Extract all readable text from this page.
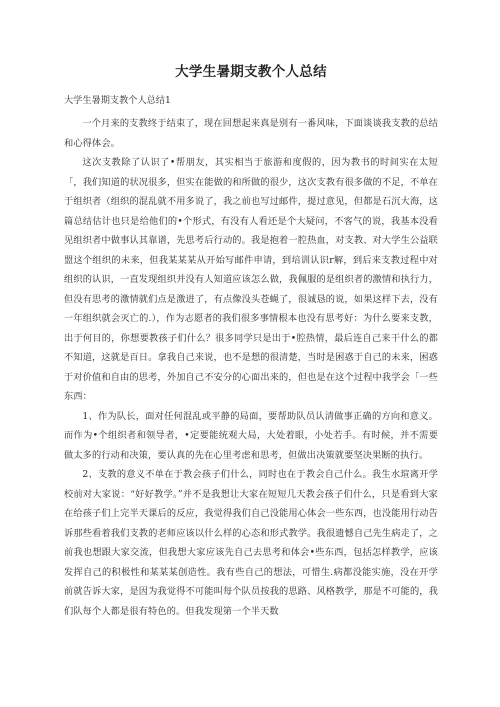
大学生暑期支教个人总结

大学生暑期支教个人总结1

一个月来的支教终于结束了，现在回想起来真是别有一番风味，下面谈谈我支教的总结和心得体会。

这次支教除了认识了•帮朋友，其实相当于旅游和度假的，因为教书的时间实在太短「，我们知道的状况很多，但实在能做的和所做的很少，这次支教有很多做的不足，不单在于组织者（组织的混乱就不用多说了，我之前也写过邮件，提过意见，但都是石沉大海，这篇总结估计也只是给他们的•个形式，有没有人看还是个大疑问，不客气的说，我基本没看见组织者中做事认其靠谱，先思考后行动的。我是抱着一腔热血，对支教、对大学生公益联盟这个组织的未来，但我某某某从开始写邮件申请，到培训认识r解，到后来支教过程中对组织的认识，一直发现组织并没有人知道应该怎么做，我佩服的是组织者的激情和执行力，但没有思考的激情就们点是激进了，有点像没头苍蝇了，很诚恳的说，如果这样下去，没有一年组织就会灭亡的.），作为志愿者的我们很多事情根本也没有思考好：为什么要来支教，出于何目的，你想要教孩子们什么？很多同学只是出于•腔热情，最后连自己来干什么的都不知道，这就是百日。拿我自己来说，也不是想的很清楚，当时是困惑于自己的未来，困惑于对价值和自由的思考，外加自己不安分的心面出来的，但也是在这个过程中我学会「一些东西：

1、作为队长，面对任何混乱或平静的局面，要帮助队员认清做事正确的方向和意义。而作为•个组织者和领导者，•定要能统观大局，大处着眼，小处若手。有时候，并不需要做太多的行动和决策，要认真的先在心里考虑和思考，但做出决策就要坚决果断的执行。

2、支教的意义不单在于教会孩子们什么，同时也在于教会自己什么。我生水瑄离开学校前对大家说：“好好教学。”并不是我想让大家在短短几天教会孩子们什么，只是看到大家在给孩子们上完半天课后的反应，我觉得我们自己没能用心体会一些东西，也没能用行动告诉那些看着我们支教的老师应该以什么样的心态和形式教学。我很遗憾自己先生病走了，之前我也想跟大家交流，但我想大家应该先自己去思考和体会•些东西，包括怎样教学，应该发挥自己的积极性和某某某创造性。我有些自己的想法，可惜生.病都没能实施，没在开学前就告诉大家，是因为我觉得不可能叫每个队员按我的思路、风格教学，那是不可能的，我们队每个人都是很有特色的。但我发现第一个半天数
